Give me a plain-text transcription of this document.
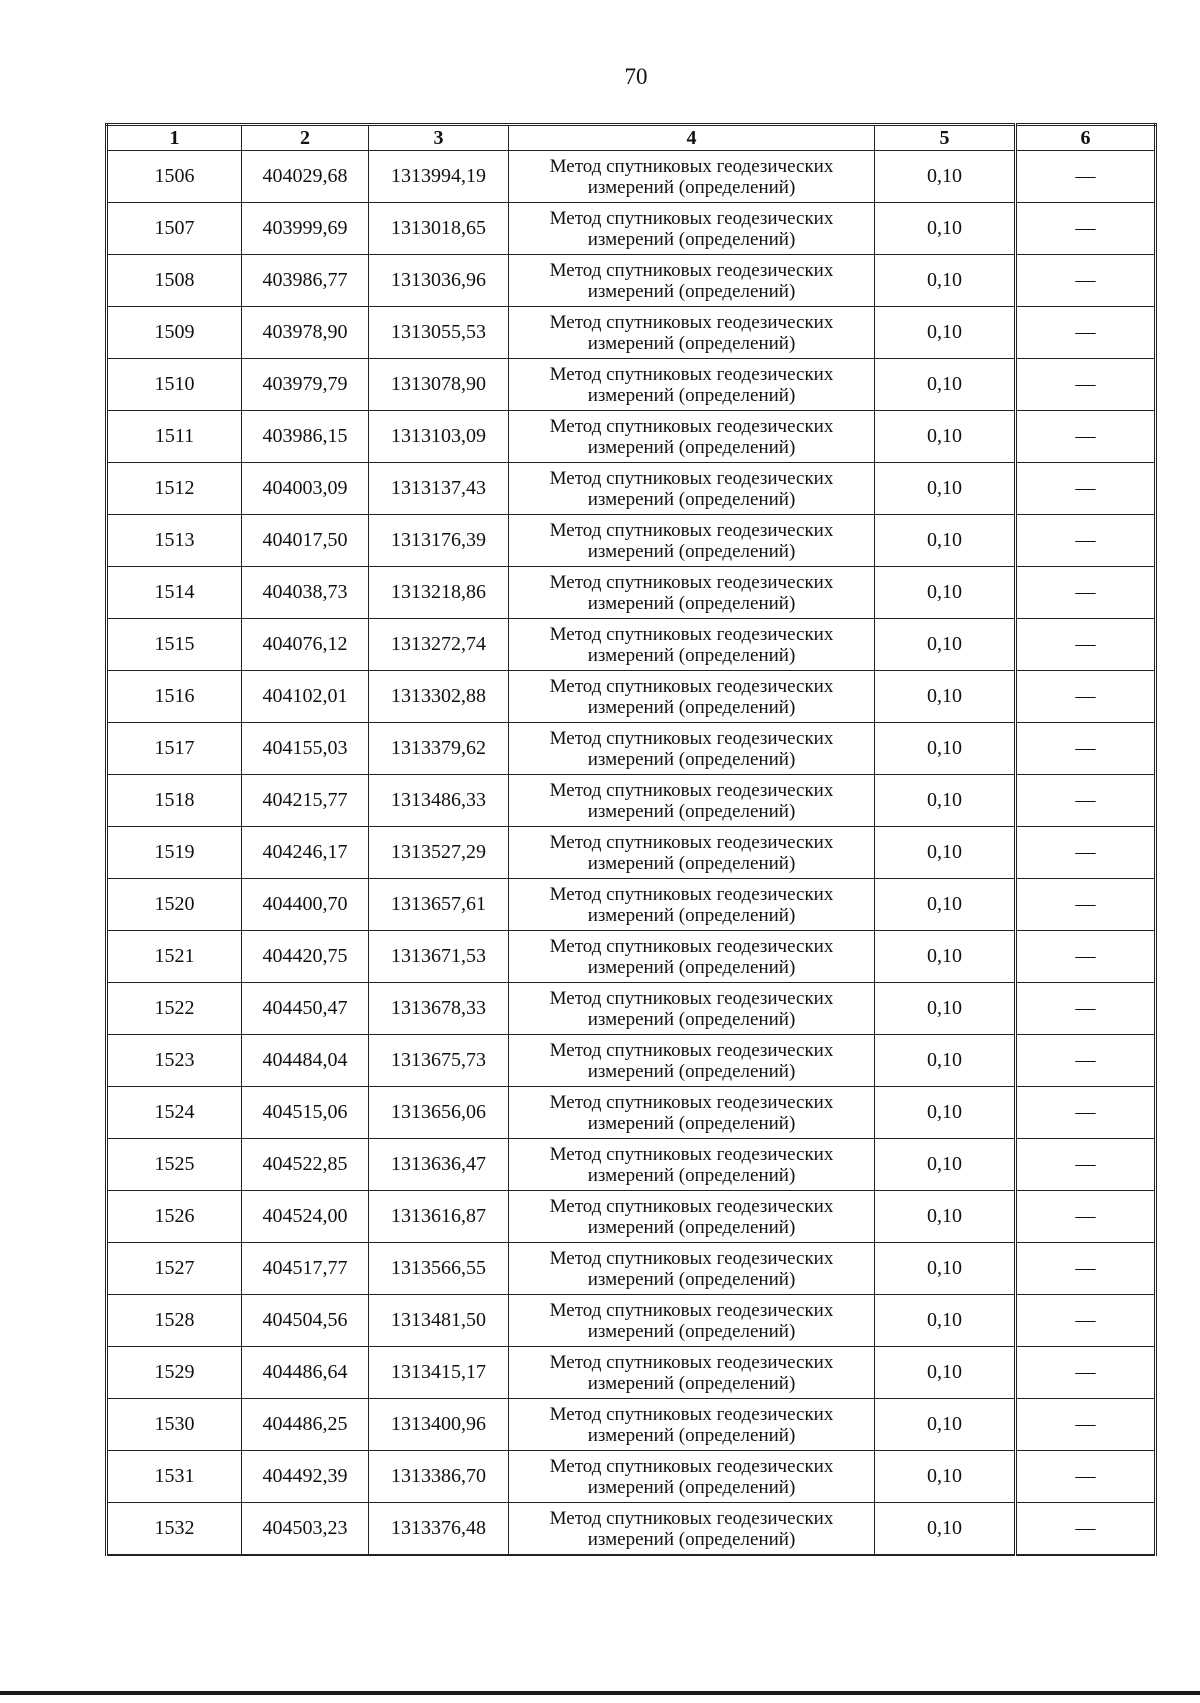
70
1	2	3	4	5	6
1506	404029,68	1313994,19	Метод спутниковых геодезических
измерений (определений)	0,10	—
1507	403999,69	1313018,65	Метод спутниковых геодезических
измерений (определений)	0,10	—
1508	403986,77	1313036,96	Метод спутниковых геодезических
измерений (определений)	0,10	—
1509	403978,90	1313055,53	Метод спутниковых геодезических
измерений (определений)	0,10	—
1510	403979,79	1313078,90	Метод спутниковых геодезических
измерений (определений)	0,10	—
1511	403986,15	1313103,09	Метод спутниковых геодезических
измерений (определений)	0,10	—
1512	404003,09	1313137,43	Метод спутниковых геодезических
измерений (определений)	0,10	—
1513	404017,50	1313176,39	Метод спутниковых геодезических
измерений (определений)	0,10	—
1514	404038,73	1313218,86	Метод спутниковых геодезических
измерений (определений)	0,10	—
1515	404076,12	1313272,74	Метод спутниковых геодезических
измерений (определений)	0,10	—
1516	404102,01	1313302,88	Метод спутниковых геодезических
измерений (определений)	0,10	—
1517	404155,03	1313379,62	Метод спутниковых геодезических
измерений (определений)	0,10	—
1518	404215,77	1313486,33	Метод спутниковых геодезических
измерений (определений)	0,10	—
1519	404246,17	1313527,29	Метод спутниковых геодезических
измерений (определений)	0,10	—
1520	404400,70	1313657,61	Метод спутниковых геодезических
измерений (определений)	0,10	—
1521	404420,75	1313671,53	Метод спутниковых геодезических
измерений (определений)	0,10	—
1522	404450,47	1313678,33	Метод спутниковых геодезических
измерений (определений)	0,10	—
1523	404484,04	1313675,73	Метод спутниковых геодезических
измерений (определений)	0,10	—
1524	404515,06	1313656,06	Метод спутниковых геодезических
измерений (определений)	0,10	—
1525	404522,85	1313636,47	Метод спутниковых геодезических
измерений (определений)	0,10	—
1526	404524,00	1313616,87	Метод спутниковых геодезических
измерений (определений)	0,10	—
1527	404517,77	1313566,55	Метод спутниковых геодезических
измерений (определений)	0,10	—
1528	404504,56	1313481,50	Метод спутниковых геодезических
измерений (определений)	0,10	—
1529	404486,64	1313415,17	Метод спутниковых геодезических
измерений (определений)	0,10	—
1530	404486,25	1313400,96	Метод спутниковых геодезических
измерений (определений)	0,10	—
1531	404492,39	1313386,70	Метод спутниковых геодезических
измерений (определений)	0,10	—
1532	404503,23	1313376,48	Метод спутниковых геодезических
измерений (определений)	0,10	—
